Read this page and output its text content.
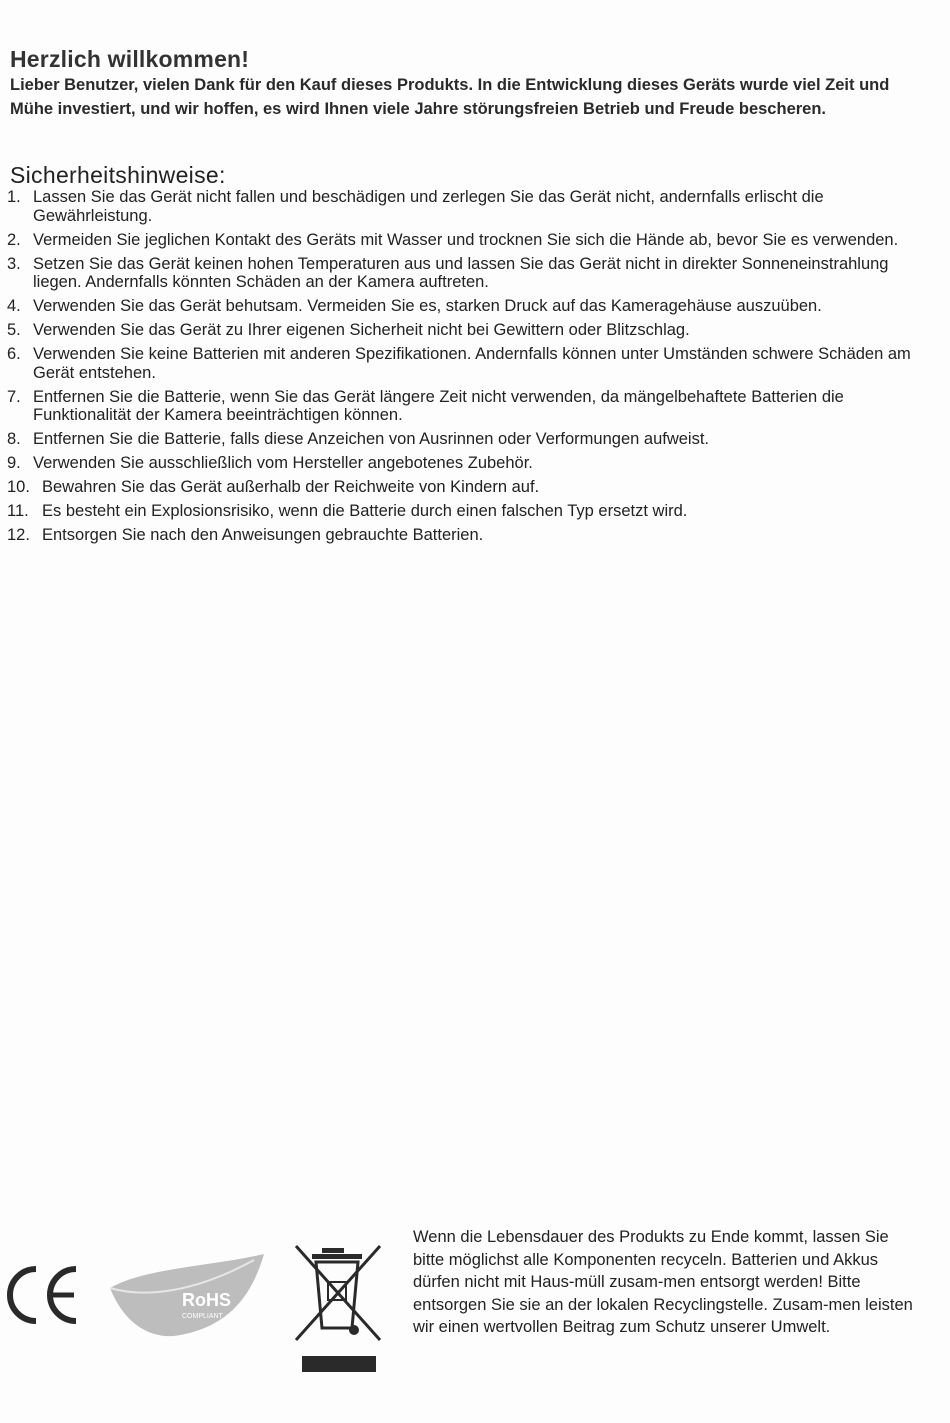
Herzlich willkommen!
Lieber Benutzer, vielen Dank für den Kauf dieses Produkts. In die Entwicklung dieses Geräts wurde viel Zeit und Mühe investiert, und wir hoffen, es wird Ihnen viele Jahre störungsfreien Betrieb und Freude bescheren.
Sicherheitshinweise:
1. Lassen Sie das Gerät nicht fallen und beschädigen und zerlegen Sie das Gerät nicht, andernfalls erlischt die Gewährleistung.
2. Vermeiden Sie jeglichen Kontakt des Geräts mit Wasser und trocknen Sie sich die Hände ab, bevor Sie es verwenden.
3. Setzen Sie das Gerät keinen hohen Temperaturen aus und lassen Sie das Gerät nicht in direkter Sonneneinstrahlung liegen. Andernfalls könnten Schäden an der Kamera auftreten.
4. Verwenden Sie das Gerät behutsam. Vermeiden Sie es, starken Druck auf das Kameragehäuse auszuüben.
5. Verwenden Sie das Gerät zu Ihrer eigenen Sicherheit nicht bei Gewittern oder Blitzschlag.
6. Verwenden Sie keine Batterien mit anderen Spezifikationen. Andernfalls können unter Umständen schwere Schäden am Gerät entstehen.
7. Entfernen Sie die Batterie, wenn Sie das Gerät längere Zeit nicht verwenden, da mängelbehaftete Batterien die Funktionalität der Kamera beeinträchtigen können.
8. Entfernen Sie die Batterie, falls diese Anzeichen von Ausrinnen oder Verformungen aufweist.
9. Verwenden Sie ausschließlich vom Hersteller angebotenes Zubehör.
10. Bewahren Sie das Gerät außerhalb der Reichweite von Kindern auf.
11. Es besteht ein Explosionsrisiko, wenn die Batterie durch einen falschen Typ ersetzt wird.
12. Entsorgen Sie nach den Anweisungen gebrauchte Batterien.
RoHS
COMPLIANT
Wenn die Lebensdauer des Produkts zu Ende kommt, lassen Sie bitte möglichst alle Komponenten recyceln. Batterien und Akkus dürfen nicht mit Haus-müll zusam-men entsorgt werden! Bitte entsorgen Sie sie an der lokalen Recyclingstelle. Zusam-men leisten wir einen wertvollen Beitrag zum Schutz unserer Umwelt.
